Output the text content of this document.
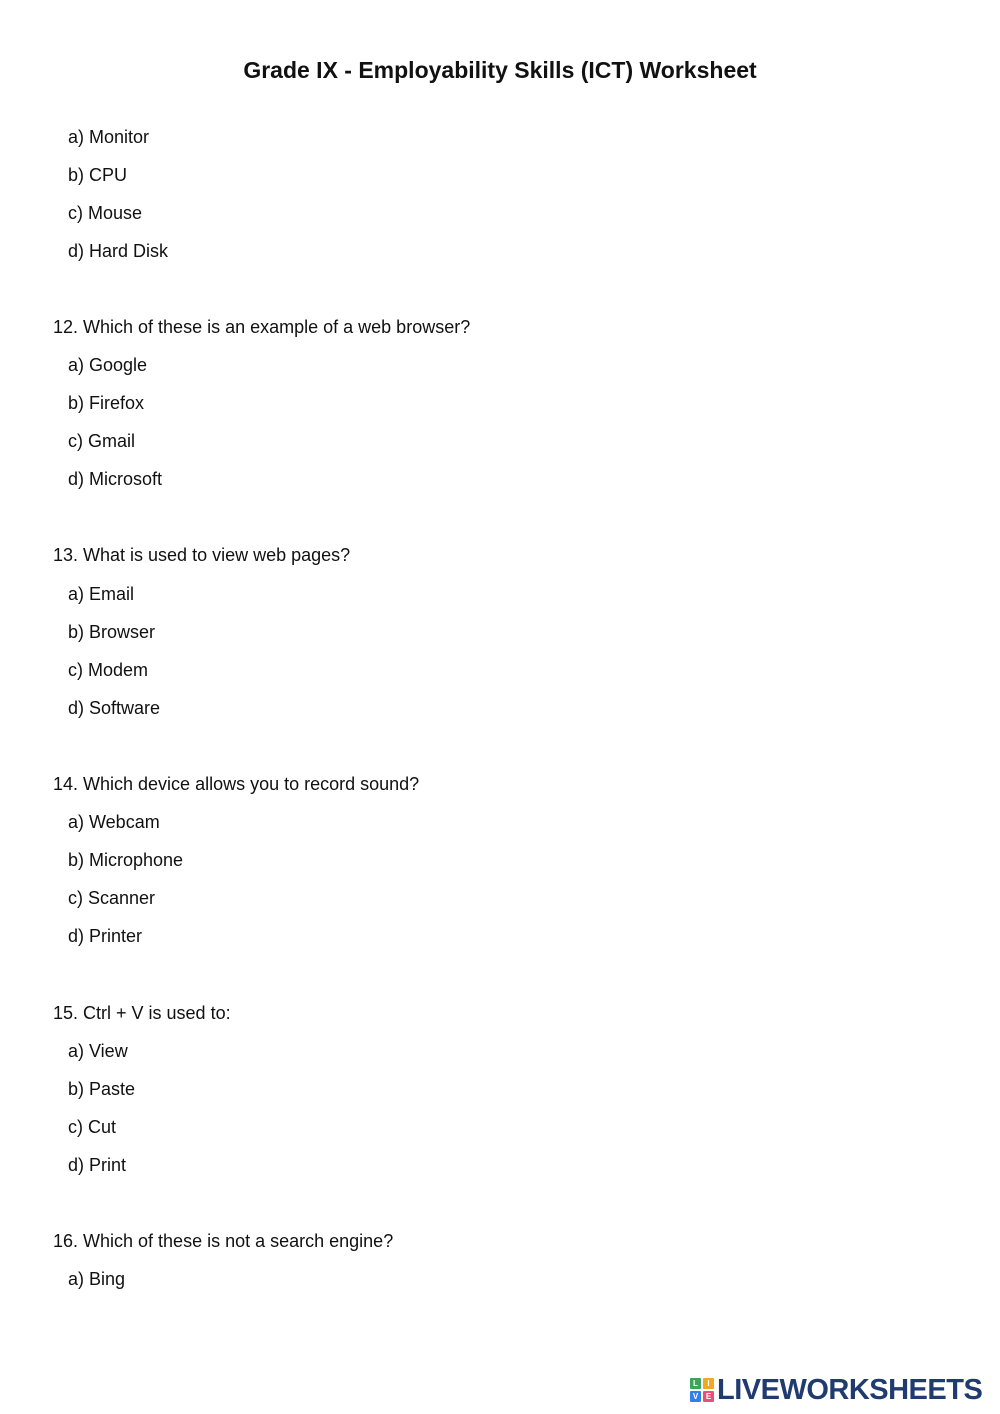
Grade IX - Employability Skills (ICT) Worksheet
a) Monitor
b) CPU
c) Mouse
d) Hard Disk
12. Which of these is an example of a web browser?
a) Google
b) Firefox
c) Gmail
d) Microsoft
13. What is used to view web pages?
a) Email
b) Browser
c) Modem
d) Software
14. Which device allows you to record sound?
a) Webcam
b) Microphone
c) Scanner
d) Printer
15. Ctrl + V is used to:
a) View
b) Paste
c) Cut
d) Print
16. Which of these is not a search engine?
a) Bing
L	I
V E LIVEWORKSHEETS
